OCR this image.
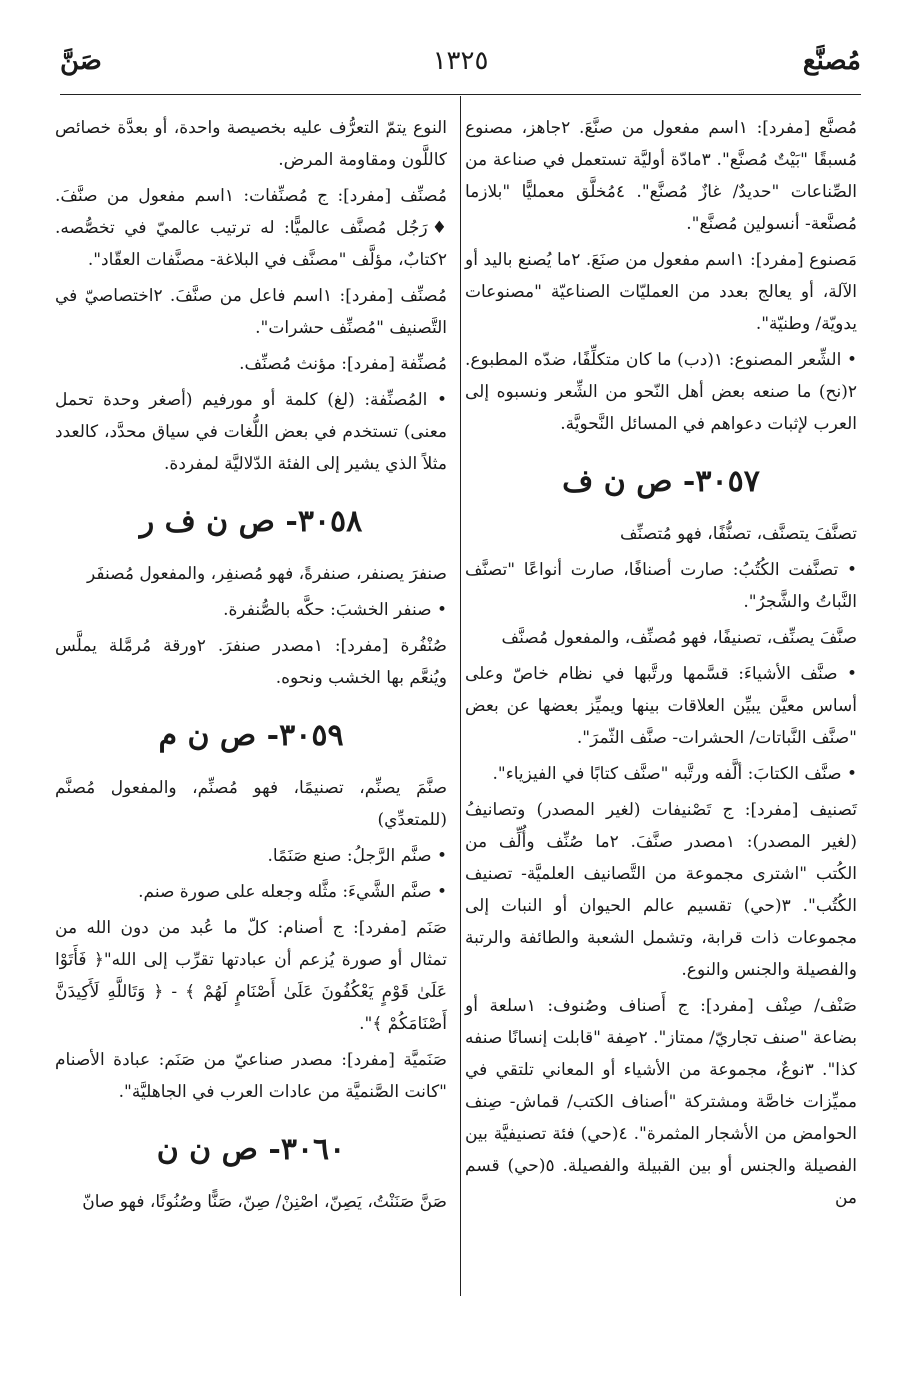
مُصنَّع
١٣٢٥
صَنَّ
مُصنَّع [مفرد]: ١اسم مفعول من صنَّعَ. ٢جاهز، مصنوع مُسبقًا "بَيْتٌ مُصنَّع". ٣مادّة أوليَّة تستعمل في صناعة من الصِّناعات "حديدٌ/ غازٌ مُصنَّع". ٤مُخلَّق معمليًّا "بلازما مُصنَّعة- أنسولين مُصنَّع".
مَصنوع [مفرد]: ١اسم مفعول من صنَعَ. ٢ما يُصنع باليد أو الآلة، أو يعالج بعدد من العمليّات الصناعيّة "مصنوعات يدويّة/ وطنيّة".
• الشِّعر المصنوع: ١(دب) ما كان متكلِّفًا، ضدّه المطبوع. ٢(نح) ما صنعه بعض أهل النّحو من الشِّعر ونسبوه إلى العرب لإثبات دعواهم في المسائل النَّحويَّة.
٣٠٥٧- ص ن ف
تصنَّفَ يتصنَّف، تصنُّفًا، فهو مُتصنِّف
• تصنَّفت الكُتُبُ: صارت أصنافًا، صارت أنواعًا "تصنَّف النَّباتُ والشَّجرُ".
صنَّفَ يصنِّف، تصنيفًا، فهو مُصنِّف، والمفعول مُصنَّف
• صنَّف الأشياءَ: قسَّمها ورتَّبها في نظام خاصّ وعلى أساس معيَّن يبيِّن العلاقات بينها ويميِّز بعضها عن بعض "صنَّف النَّباتات/ الحشرات- صنَّف الثّمرَ".
• صنَّف الكتابَ: ألَّفه ورتَّبه "صنَّف كتابًا في الفيزياء".
تَصنيف [مفرد]: ج تَصْنيفات (لغير المصدر) وتصانيفُ (لغير المصدر): ١مصدر صنَّفَ. ٢ما صُنِّف وأُلِّف من الكُتب "اشترى مجموعة من التَّصانيف العلميَّة- تصنيف الكُتُب". ٣(حي) تقسيم عالم الحيوان أو النبات إلى مجموعات ذات قرابة، وتشمل الشعبة والطائفة والرتبة والفصيلة والجنس والنوع.
صَنْف/ صِنْف [مفرد]: ج أَصناف وصُنوف: ١سلعة أو بضاعة "صنف تجاريّ/ ممتاز". ٢صِفة "قابلت إنسانًا صنفه كذا". ٣نوعٌ، مجموعة من الأشياء أو المعاني تلتقي في مميِّزات خاصَّة ومشتركة "أصناف الكتب/ قماش- صِنف الحوامض من الأشجار المثمرة". ٤(حي) فئة تصنيفيَّة بين الفصيلة والجنس أو بين القبيلة والفصيلة. ٥(حي) قسم من
النوع يتمّ التعرُّف عليه بخصيصة واحدة، أو بعدَّة خصائص كاللَّون ومقاومة المرض.
مُصنِّف [مفرد]: ج مُصنِّفات: ١اسم مفعول من صنَّفَ. ♦رَجُل مُصنَّف عالميًّا: له ترتيب عالميّ في تخصُّصه. ٢كتابٌ، مؤلَّف "مصنَّف في البلاغة- مصنَّفات العقّاد".
مُصنِّف [مفرد]: ١اسم فاعل من صنَّفَ. ٢اختصاصيّ في التَّصنيف "مُصنِّف حشرات".
مُصنِّفة [مفرد]: مؤنث مُصنِّف.
• المُصنِّفة: (لغ) كلمة أو مورفيم (أصغر وحدة تحمل معنى) تستخدم في بعض اللُّغات في سياق محدَّد، كالعدد مثلاً الذي يشير إلى الفئة الدّلاليَّة لمفردة.
٣٠٥٨- ص ن ف ر
صنفرَ يصنفر، صنفرةً، فهو مُصنفِر، والمفعول مُصنفَر
• صنفر الخشبَ: حكَّه بالصُّنفرة.
صُنْفُرة [مفرد]: ١مصدر صنفرَ. ٢ورقة مُرمَّلة يملَّس ويُنعَّم بها الخشب ونحوه.
٣٠٥٩- ص ن م
صنَّمَ يصنِّم، تصنيمًا، فهو مُصنِّم، والمفعول مُصنَّم (للمتعدِّي)
• صنَّم الرَّجلُ: صنع صَنَمًا.
• صنَّم الشَّيءَ: مثَّله وجعله على صورة صنم.
صَنَم [مفرد]: ج أصنام: كلّ ما عُبد من دون الله من تمثال أو صورة يُزعم أن عبادتها تقرِّب إلى الله"﴿ فَأَتَوْا عَلَىٰ قَوْمٍ يَعْكُفُونَ عَلَىٰ أَصْنَامٍ لَهُمْ ﴾ - ﴿ وَتَاللَّهِ لَأَكِيدَنَّ أَصْنَامَكُمْ ﴾".
صَنَميَّة [مفرد]: مصدر صناعيّ من صَنَم: عبادة الأصنام "كانت الصَّنميَّة من عادات العرب في الجاهليَّة".
٣٠٦٠- ص ن ن
صَنَّ صَنَنْتُ، يَصِنّ، اصْنِنْ/ صِنّ، صَنًّا وصُنُونًا، فهو صانّ
